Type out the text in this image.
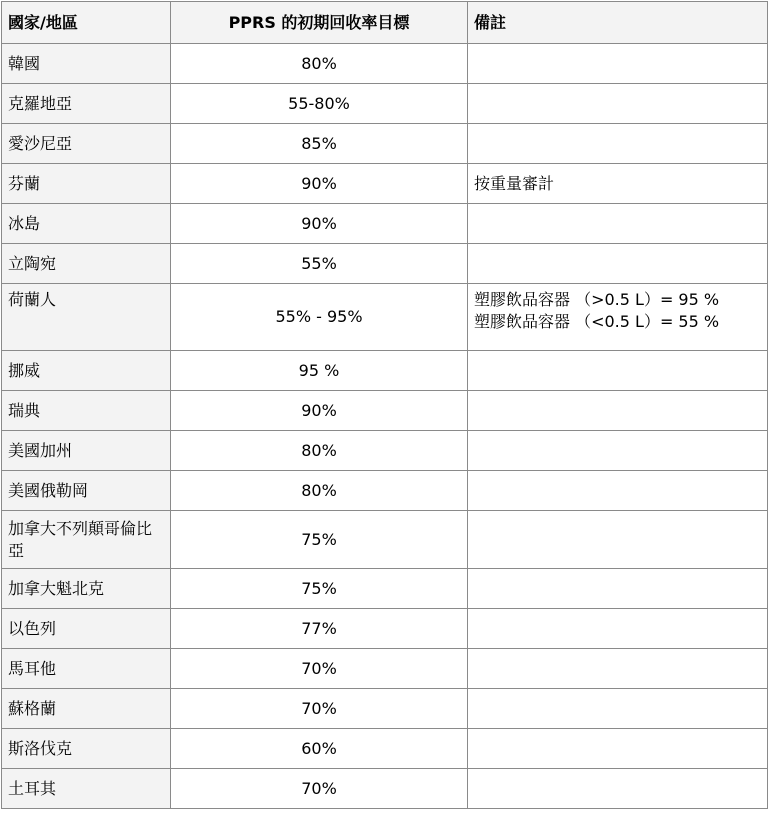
國家/地區	PPRS 的初期回收率目標	備註
韓國	80%	

克羅地亞	55-80%	

愛沙尼亞	85%	

芬蘭	90%	按重量審計

冰島	90%	

立陶宛	55%	

荷蘭人	55% - 95%	塑膠飲品容器 （>0.5 L）= 95 %
塑膠飲品容器 （<0.5 L）= 55 %

挪威	95 %	

瑞典	90%	

美國加州	80%	

美國俄勒岡	80%	

加拿大不列顛哥倫比亞	75%	

加拿大魁北克	75%	

以色列	77%	

馬耳他	70%	

蘇格蘭	70%	

斯洛伐克	60%	

土耳其	70%	
